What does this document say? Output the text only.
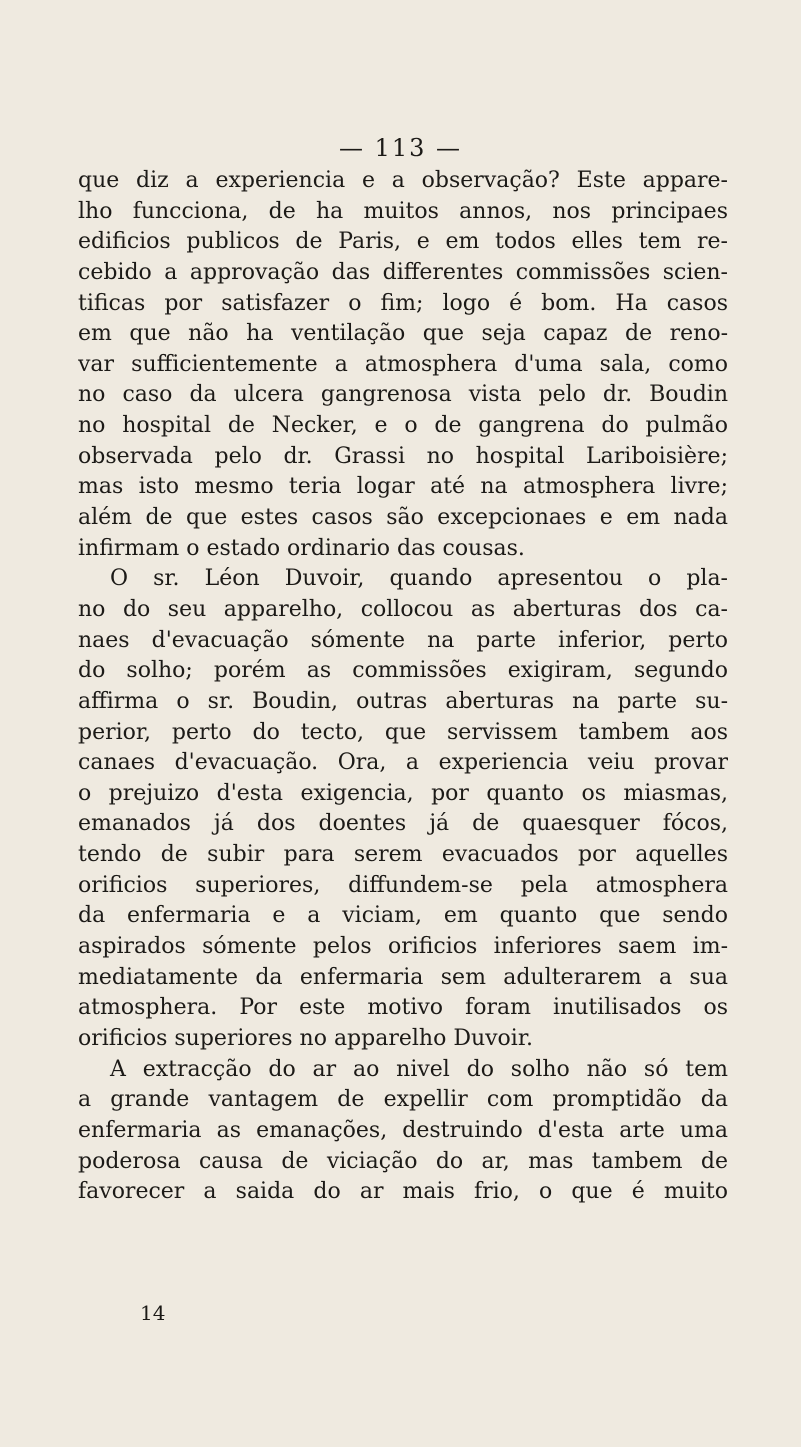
— 113 —
que diz a experiencia e a observação? Este appare-
lho funcciona, de ha muitos annos, nos principaes
edificios publicos de Paris, e em todos elles tem re-
cebido a approvação das differentes commissões scien-
tificas por satisfazer o fim; logo é bom. Ha casos
em que não ha ventilação que seja capaz de reno-
var sufficientemente a atmosphera d'uma sala, como
no caso da ulcera gangrenosa vista pelo dr. Boudin
no hospital de Necker, e o de gangrena do pulmão
observada pelo dr. Grassi no hospital Lariboisière;
mas isto mesmo teria logar até na atmosphera livre;
além de que estes casos são excepcionaes e em nada
infirmam o estado ordinario das cousas.
O sr. Léon Duvoir, quando apresentou o pla-
no do seu apparelho, collocou as aberturas dos ca-
naes d'evacuação sómente na parte inferior, perto
do solho; porém as commissões exigiram, segundo
affirma o sr. Boudin, outras aberturas na parte su-
perior, perto do tecto, que servissem tambem aos
canaes d'evacuação. Ora, a experiencia veiu provar
o prejuizo d'esta exigencia, por quanto os miasmas,
emanados já dos doentes já de quaesquer fócos,
tendo de subir para serem evacuados por aquelles
orificios superiores, diffundem-se pela atmosphera
da enfermaria e a viciam, em quanto que sendo
aspirados sómente pelos orificios inferiores saem im-
mediatamente da enfermaria sem adulterarem a sua
atmosphera. Por este motivo foram inutilisados os
orificios superiores no apparelho Duvoir.
A extracção do ar ao nivel do solho não só tem
a grande vantagem de expellir com promptidão da
enfermaria as emanações, destruindo d'esta arte uma
poderosa causa de viciação do ar, mas tambem de
favorecer a saida do ar mais frio, o que é muito
14
